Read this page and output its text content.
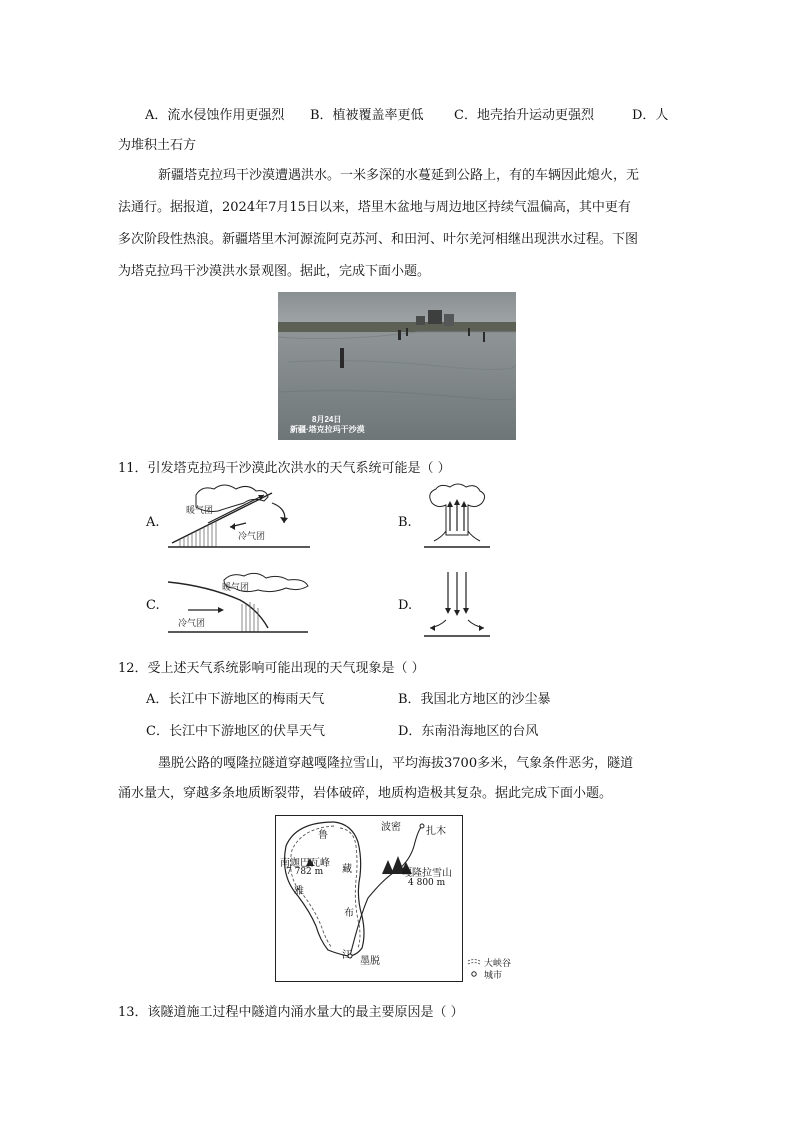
A．流水侵蚀作用更强烈 B．植被覆盖率更低 C．地壳抬升运动更强烈	D．人
为堆积土石方
新疆塔克拉玛干沙漠遭遇洪水。一米多深的水蔓延到公路上，有的车辆因此熄火，无
法通行。据报道，2024年7月15日以来，塔里木盆地与周边地区持续气温偏高，其中更有
多次阶段性热浪。新疆塔里木河源流阿克苏河、和田河、叶尔羌河相继出现洪水过程。下图
为塔克拉玛干沙漠洪水景观图。据此，完成下面小题。
8月24日
新疆·塔克拉玛干沙漠
11．引发塔克拉玛干沙漠此次洪水的天气系统可能是（ ）
A.	B.
C.	D.
暖气团
冷气团
暖气团
冷气团
12．受上述天气系统影响可能出现的天气现象是（ ）
A．长江中下游地区的梅雨天气	B．我国北方地区的沙尘暴
C．长江中下游地区的伏旱天气	D．东南沿海地区的台风
墨脱公路的嘎隆拉隧道穿越嘎隆拉雪山，平均海拔3700多米，气象条件恶劣，隧道
涌水量大，穿越多条地质断裂带，岩体破碎，地质构造极其复杂。据此完成下面小题。
波密	扎木
南迦巴瓦峰
7 782 m	嘎隆拉雪山
4 800 m
墨脱
鲁
藏
布
江
雅
大峡谷
城市
13．该隧道施工过程中隧道内涌水量大的最主要原因是（ ）
